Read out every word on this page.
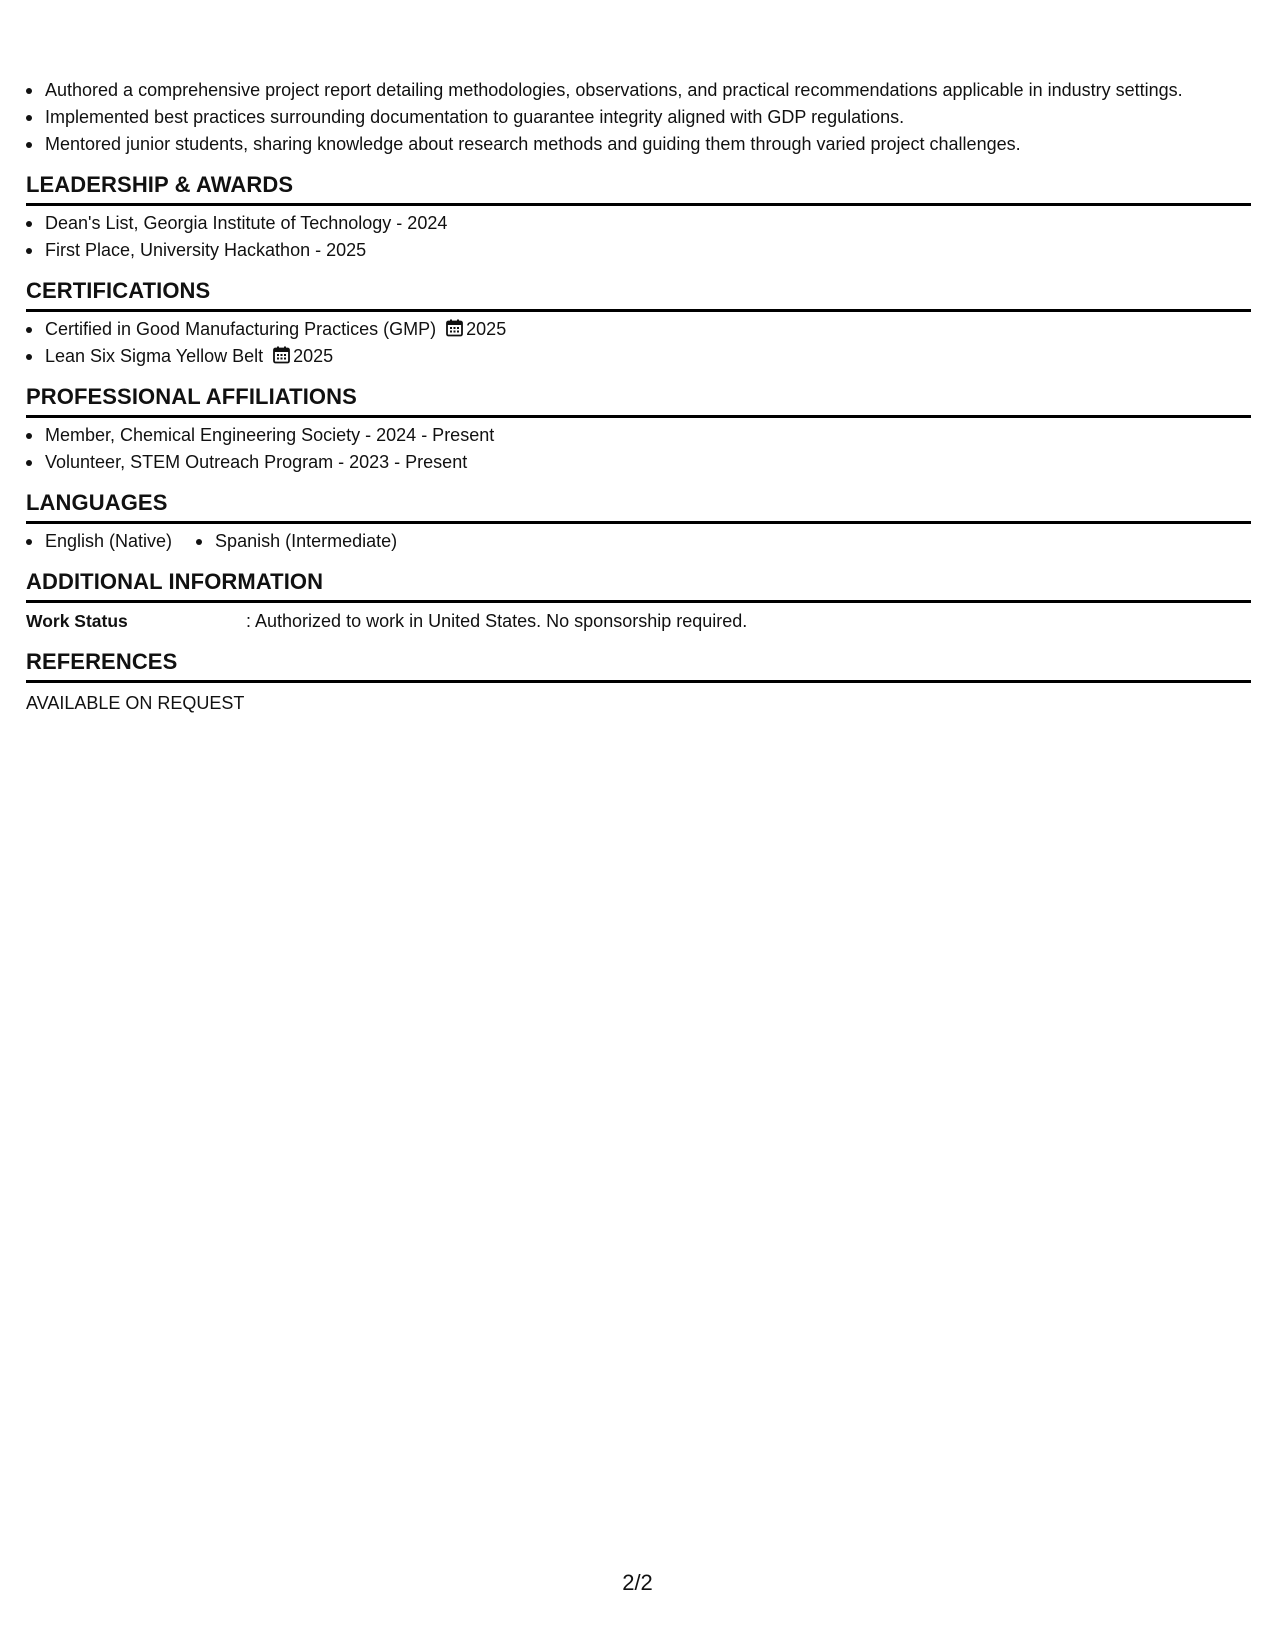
Authored a comprehensive project report detailing methodologies, observations, and practical recommendations applicable in industry settings.
Implemented best practices surrounding documentation to guarantee integrity aligned with GDP regulations.
Mentored junior students, sharing knowledge about research methods and guiding them through varied project challenges.
LEADERSHIP & AWARDS
Dean's List, Georgia Institute of Technology - 2024
First Place, University Hackathon - 2025
CERTIFICATIONS
Certified in Good Manufacturing Practices (GMP) 2025
Lean Six Sigma Yellow Belt 2025
PROFESSIONAL AFFILIATIONS
Member, Chemical Engineering Society - 2024 - Present
Volunteer, STEM Outreach Program - 2023 - Present
LANGUAGES
English (Native)	Spanish (Intermediate)
ADDITIONAL INFORMATION
Work Status	: Authorized to work in United States. No sponsorship required.
REFERENCES
AVAILABLE ON REQUEST
2/2
